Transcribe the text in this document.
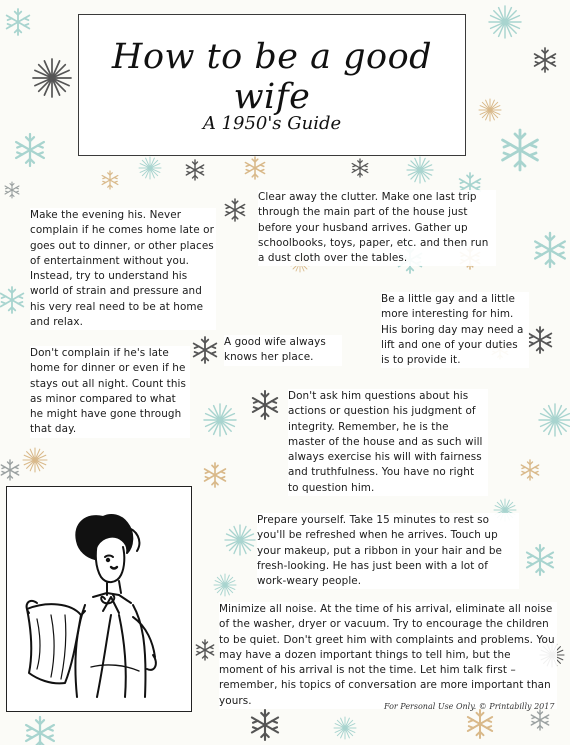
How to be a good wife
A 1950's Guide

Make the evening his. Never complain if he comes home late or goes out to dinner, or other places of entertainment without you. Instead, try to understand his world of strain and pressure and his very real need to be at home and relax.

Don't complain if he's late home for dinner or even if he stays out all night. Count this as minor compared to what he might have gone through that day.

Clear away the clutter. Make one last trip through the main part of the house just before your husband arrives. Gather up schoolbooks, toys, paper, etc. and then run a dust cloth over the tables.

Be a little gay and a little more interesting for him. His boring day may need a lift and one of your duties is to provide it.

A good wife always knows her place.

Don't ask him questions about his actions or question his judgment of integrity. Remember, he is the master of the house and as such will always exercise his will with fairness and truthfulness. You have no right to question him.

Prepare yourself. Take 15 minutes to rest so you'll be refreshed when he arrives. Touch up your makeup, put a ribbon in your hair and be fresh-looking. He has just been with a lot of work-weary people.

Minimize all noise. At the time of his arrival, eliminate all noise of the washer, dryer or vacuum. Try to encourage the children to be quiet. Don't greet him with complaints and problems. You may have a dozen important things to tell him, but the moment of his arrival is not the time. Let him talk first – remember, his topics of conversation are more important than yours.	For Personal Use Only. © Printabilly 2017
